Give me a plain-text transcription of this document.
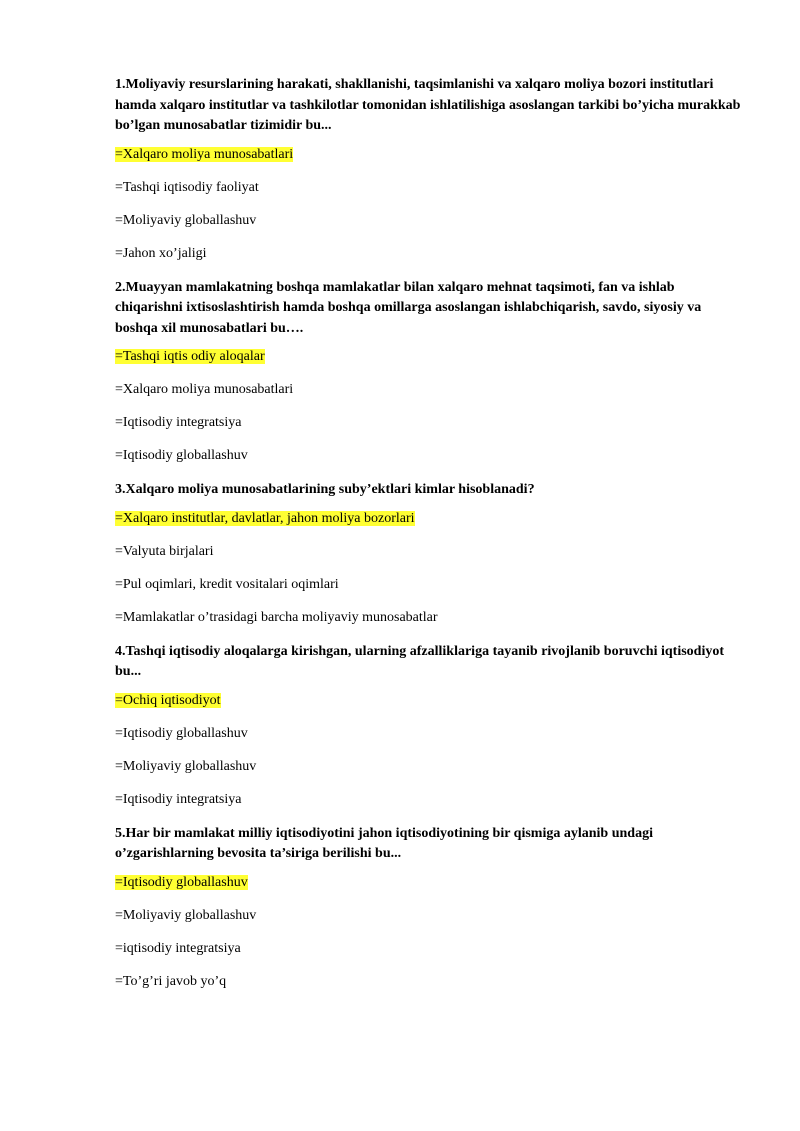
1.Moliyaviy resurslarining harakati, shakllanishi, taqsimlanishi va xalqaro moliya bozori institutlari hamda xalqaro institutlar va tashkilotlar tomonidan ishlatilishiga asoslangan tarkibi bo’yicha murakkab bo’lgan munosabatlar tizimidir bu...

=Xalqaro moliya munosabatlari

=Tashqi iqtisodiy faoliyat

=Moliyaviy globallashuv

=Jahon xo’jaligi

2.Muayyan mamlakatning boshqa mamlakatlar bilan xalqaro mehnat taqsimoti, fan va ishlab chiqarishni ixtisoslashtirish hamda boshqa omillarga asoslangan ishlabchiqarish, savdo, siyosiy va boshqa xil munosabatlari bu….

=Tashqi iqtis odiy aloqalar

=Xalqaro moliya munosabatlari

=Iqtisodiy integratsiya

=Iqtisodiy globallashuv

3.Xalqaro moliya munosabatlarining suby’ektlari kimlar hisoblanadi?

=Xalqaro institutlar, davlatlar, jahon moliya bozorlari

=Valyuta birjalari

=Pul oqimlari, kredit vositalari oqimlari

=Mamlakatlar o’trasidagi barcha moliyaviy munosabatlar

4.Tashqi iqtisodiy aloqalarga kirishgan, ularning afzalliklariga tayanib rivojlanib boruvchi iqtisodiyot bu...

=Ochiq iqtisodiyot

=Iqtisodiy globallashuv

=Moliyaviy globallashuv

=Iqtisodiy integratsiya

5.Har bir mamlakat milliy iqtisodiyotini jahon iqtisodiyotining bir qismiga aylanib undagi o’zgarishlarning bevosita ta’siriga berilishi bu...

=Iqtisodiy globallashuv

=Moliyaviy globallashuv

=iqtisodiy integratsiya

=To’g’ri javob yo’q
